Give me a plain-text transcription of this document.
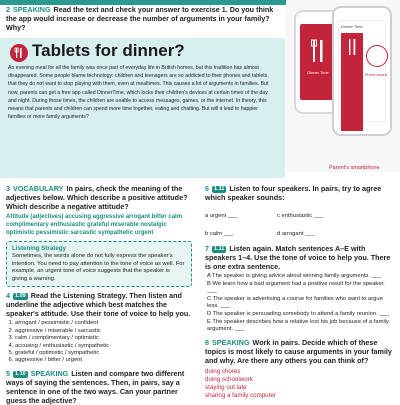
2 SPEAKING Read the text and check your answer to exercise 1. Do you think the app would increase or decrease the number of arguments in your family? Why?
Tablets for dinner?
An evening meal for all the family was once part of everyday life in British homes, but this tradition has almost disappeared. Some people blame technology: children and teenagers are so addicted to their phones and tablets that they do not want to stop playing with them, even at mealtimes. This causes a lot of arguments in families. But now, parents can get a free app called DinnerTime, which locks their children's devices at certain times of the day and night. During those times, the children are unable to access messages, games, or the internet. In theory, this means that parents and children can spend more time together, eating and chatting. But will it lead to happier families or more family arguments?
Dinner Time
Dinner Time
Phone locked
Parent's smartphone
3 VOCABULARY In pairs, check the meaning of the adjectives below. Which describe a positive attitude? Which describe a negative attitude?
Attitude (adjectives) accusing aggressive arrogant bitter calm complimentary enthusiastic grateful miserable nostalgic optimistic pessimistic sarcastic sympathetic urgent
Listening Strategy
Sometimes, the words alone do not fully express the speaker's intention. You need to pay attention to the tone of voice as well. For example, an urgent tone of voice suggests that the speaker is giving a warning.
4 1.09 Read the Listening Strategy. Then listen and underline the adjective which best matches the speaker's attitude. Use their tone of voice to help you.
1. arrogant / pessimistic / confident
2. aggressive / miserable / sarcastic
3. calm / complimentary / optimistic
4. accusing / enthusiastic / sympathetic
5. grateful / optimistic / sympathetic
6. aggressive / bitter / urgent
5 1.10 SPEAKING Listen and compare two different ways of saying the sentences. Then, in pairs, say a sentence in one of the two ways. Can your partner guess the adjective?
6 1.11 Listen to four speakers. In pairs, try to agree which speaker sounds:
a urgent ___	c enthusiastic ___
b calm ___	d arrogant ___
7 1.11 Listen again. Match sentences A–E with speakers 1–4. Use the tone of voice to help you. There is one extra sentence.
A The speaker is giving advice about winning family arguments. ___
B We learn how a bad argument had a positive result for the speaker. ___
C The speaker is advertising a course for families who want to argue less. ___
D The speaker is persuading somebody to attend a family reunion. ___
E The speaker describes how a relative lost his job because of a family argument. ___
8 SPEAKING Work in pairs. Decide which of these topics is most likely to cause arguments in your family and why. Are there any others you can think of?
doing chores
doing schoolwork
staying out late
sharing a family computer
